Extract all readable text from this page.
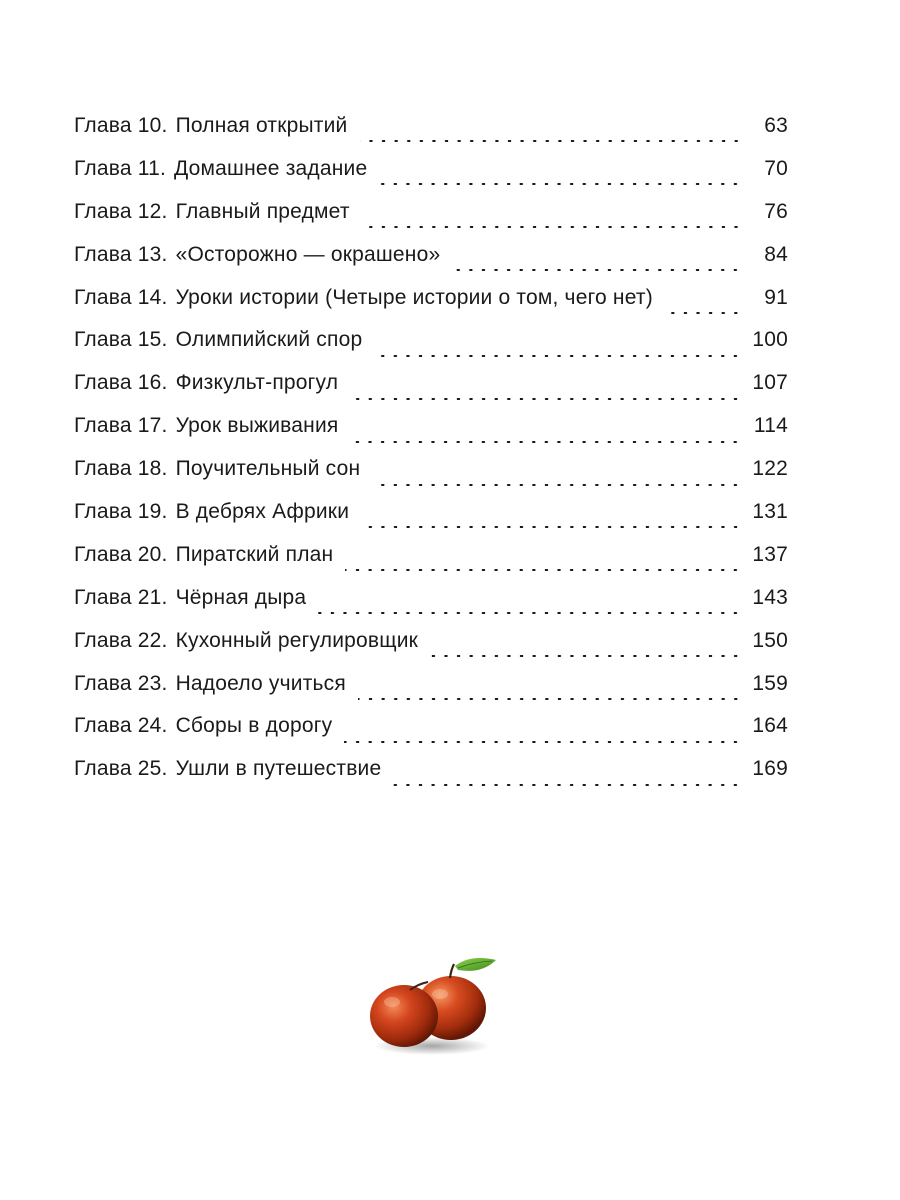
Глава 10. Полная открытий	63
Глава 11. Домашнее задание	70
Глава 12. Главный предмет	76
Глава 13. «Осторожно — окрашено»	84
Глава 14. Уроки истории (Четыре истории о том, чего нет)	91
Глава 15. Олимпийский спор	100
Глава 16. Физкульт-прогул	107
Глава 17. Урок выживания	114
Глава 18. Поучительный сон	122
Глава 19. В дебрях Африки	131
Глава 20. Пиратский план	137
Глава 21. Чёрная дыра	143
Глава 22. Кухонный регулировщик	150
Глава 23. Надоело учиться	159
Глава 24. Сборы в дорогу	164
Глава 25. Ушли в путешествие	169
